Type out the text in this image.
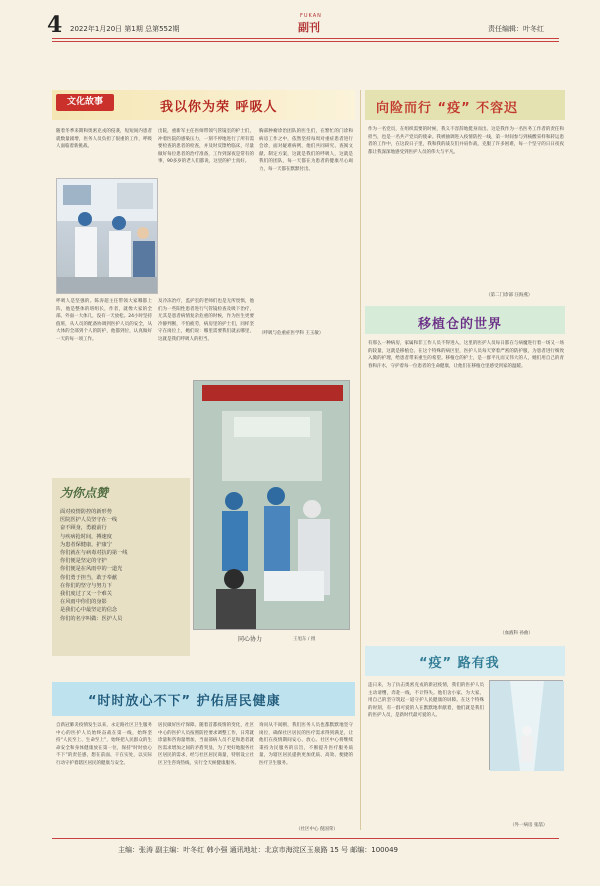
4 2022年1月20日 第1期 总第552期
FUKAN
副刊	责任编辑：叶冬红
文化故事	我以你为荣 呼吸人
随着冬季来期和奥密克戎的侵袭，短短间内患者就数量剧增，医务人员负担了很重的工作，呼吸人面临着新挑战。
呼吸人是坚强的。陈涛超主任带领大家哪都上阵，他是整体的班组长，作者，就像大家的全部。外面一大体几，没有一天放松。24小时坚持值班，从人员的配备协调到医护人员的安全，从大体的全部到个人的防护，他都到位，认真做好一天的每一项工作。
出院，重新军主任医师带领气管镜室的护士们，冲着医院的感染压力，一刻不停地进行了所有需要检查的患者的检查，并及时反馈给临床，尽量做好每位患者的治疗准备，工作到深夜是常有的事，90多岁的老人们都说，这里的护士真好。
及冷冻治疗，监护室的老师们也是无所畏惧，他们为一些阳性患者进行气管镜检查及吸下治疗，尤其是患者病情复杂危重的时候，作为医生更要冷静判断，不怕疲劳，病房里的护士们，同样坚守在岗位上，她们说：哪里需要我们就去哪里，这就是我们呼吸人的担当。
胸部肿瘤诊治团队的医生们，在繁忙的门诊和病房工作之中，依然坚持每周对重症患者进行会诊，面对疑难病例，他们共同研究、查阅文献、制定方案，这就是我们的呼吸人，这就是我们的团队，每一天都在为患者的健康尽心竭力，每一天都在默默付出。
（呼吸与危重症医学科 王玉敏）
为你点赞
面对疫情防控的新形势
医院医护人员坚守在一线
奋不顾身，勇毅前行
与疾病抢时间，搏速度
为患者保健康，护康宁
你们就在与病毒对抗的第一线
你们便是坚定的守护
你们便是在风雨中的一道光
你们勇于担当，敢于奉献
在你们的坚守与努力下
我们度过了又一个难关
在风雨中你们的身影
是我们心中最坚定的信念
你们的名字叫做：医护人员
同心协力	王旭东 / 摄
向险而行 “疫” 不容迟
作为一名党员，在组织需要的时候，我义不容辞地挺身而出。这是我作为一名医务工作者的责任和担当，也是一名共产党员的使命。我被抽调进入疫情防控一线，第一时间参与到核酸采样和转运患者的工作中，在这段日子里，我和我的战友们并肩作战，克服了许多困难，每一个坚守的日日夜夜都让我深深地感受到医护人员的伟大与平凡。
（第二门诊部 汪海燕）
移植仓的世界
有那么一种病房，家属和非工作人员不得进入，这里的医护人员每日都在与病魔进行着一场又一场的较量，这就是移植仓。在这个特殊的病区里，医护人员每天穿着严密的防护服，为患者进行细致入微的护理，给患者带来重生的希望。移植仓的护士，是一群平凡而又伟大的人，她们用自己的青春和汗水，守护着每一位患者的生命健康，让他们在移植仓里感受到家的温暖。
（血液科 孙曲）
“疫” 路有我
违日来，为了抗击奥密克戎的新冠疫情，我们的医护人员主动请缨，奔赴一线，不计得失。他们舍小家、为大家，用自己的坚守筑起一道守护人民健康的屏障。在这个特殊的时刻，有一群可爱的人在默默地奉献着，他们就是我们的医护人员，是新时代最可爱的人。
（外一病房 张喆）
“时时放心不下” 护佑居民健康
自新冠肺炎疫情发生以来，永定路社区卫生服务中心的医护人员始终奋战在第一线，始终坚持“人民至上、生命至上”，始终把人民群众的生命安全和身体健康放在第一位，保持“时时放心不下”的责任感，想在前面、干在实处，以实际行动守护着辖区居民的健康与安全。
居民做好医疗保障。随着首都疫情的变化，社区中心的医护人员按照防控要求调整工作，日常就诊量和咨询量增加，当面部病人员不足和患者就医需求增加之间的矛盾突显，为了更好地服务社区居民的需求，经与社区居民商量，特别设立社区卫生咨询热线，实行全天候健康服务。
询问从不间断，我们医务人员也都默默地坚守岗位，确保社区居民的医疗需求得到满足，让他们在疫情期间安心、放心。社区中心将继续秉持为民服务的宗旨，不断提升医疗服务质量，为辖区居民提供更加优质、高效、便捷的医疗卫生服务。
（社区中心 倪国荣）
主编：张涛 副主编：叶冬红 韩小强 通讯地址：北京市海淀区玉泉路 15 号 邮编：100049
